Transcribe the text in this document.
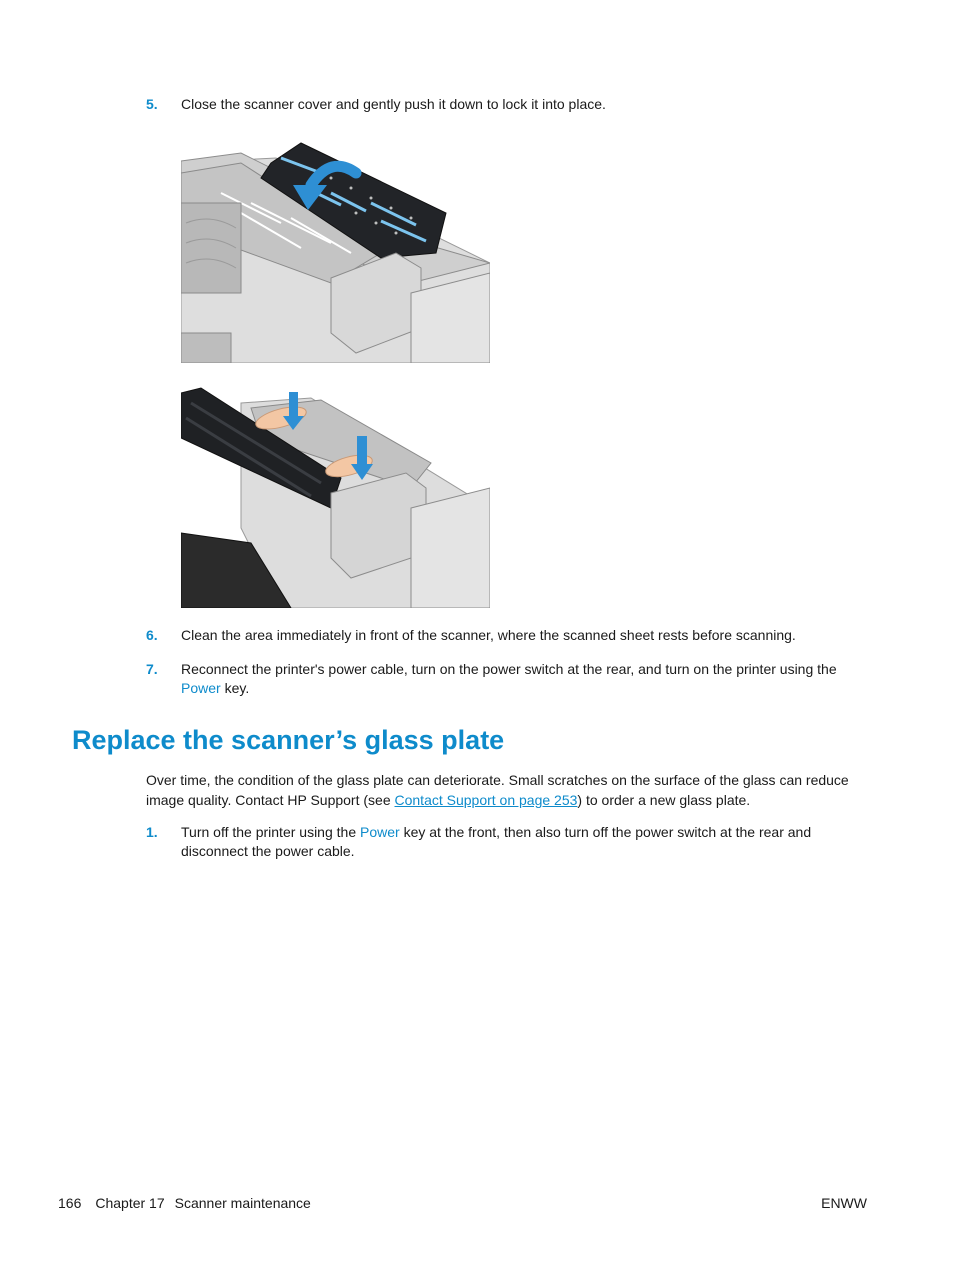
5. Close the scanner cover and gently push it down to lock it into place.
6. Clean the area immediately in front of the scanner, where the scanned sheet rests before scanning.
7. Reconnect the printer's power cable, turn on the power switch at the rear, and turn on the printer using the Power key.
Replace the scanner’s glass plate
Over time, the condition of the glass plate can deteriorate. Small scratches on the surface of the glass can reduce image quality. Contact HP Support (see Contact Support on page 253) to order a new glass plate.
1. Turn off the printer using the Power key at the front, then also turn off the power switch at the rear and disconnect the power cable.
166 Chapter 17 Scanner maintenance	ENWW
